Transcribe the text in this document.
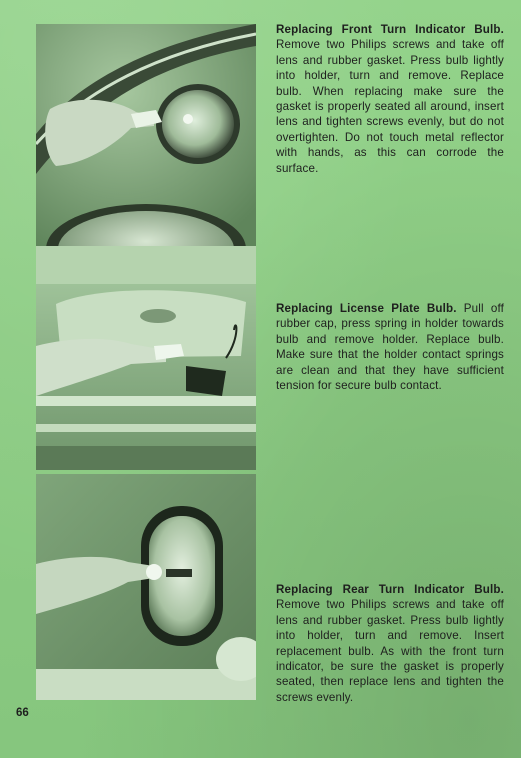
Replacing Front Turn Indicator Bulb. Remove two Philips screws and take off lens and rubber gasket. Press bulb lightly into holder, turn and remove. Replace bulb. When replacing make sure the gasket is properly seated all around, insert lens and tighten screws evenly, but do not overtighten. Do not touch metal reflector with hands, as this can corrode the surface.
Replacing License Plate Bulb. Pull off rubber cap, press spring in holder towards bulb and remove holder. Replace bulb. Make sure that the holder contact springs are clean and that they have sufficient tension for secure bulb contact.
Replacing Rear Turn Indicator Bulb. Remove two Philips screws and take off lens and rubber gasket. Press bulb lightly into holder, turn and remove. Insert replacement bulb. As with the front turn indicator, be sure the gasket is properly seated, then replace lens and tighten the screws evenly.
66
